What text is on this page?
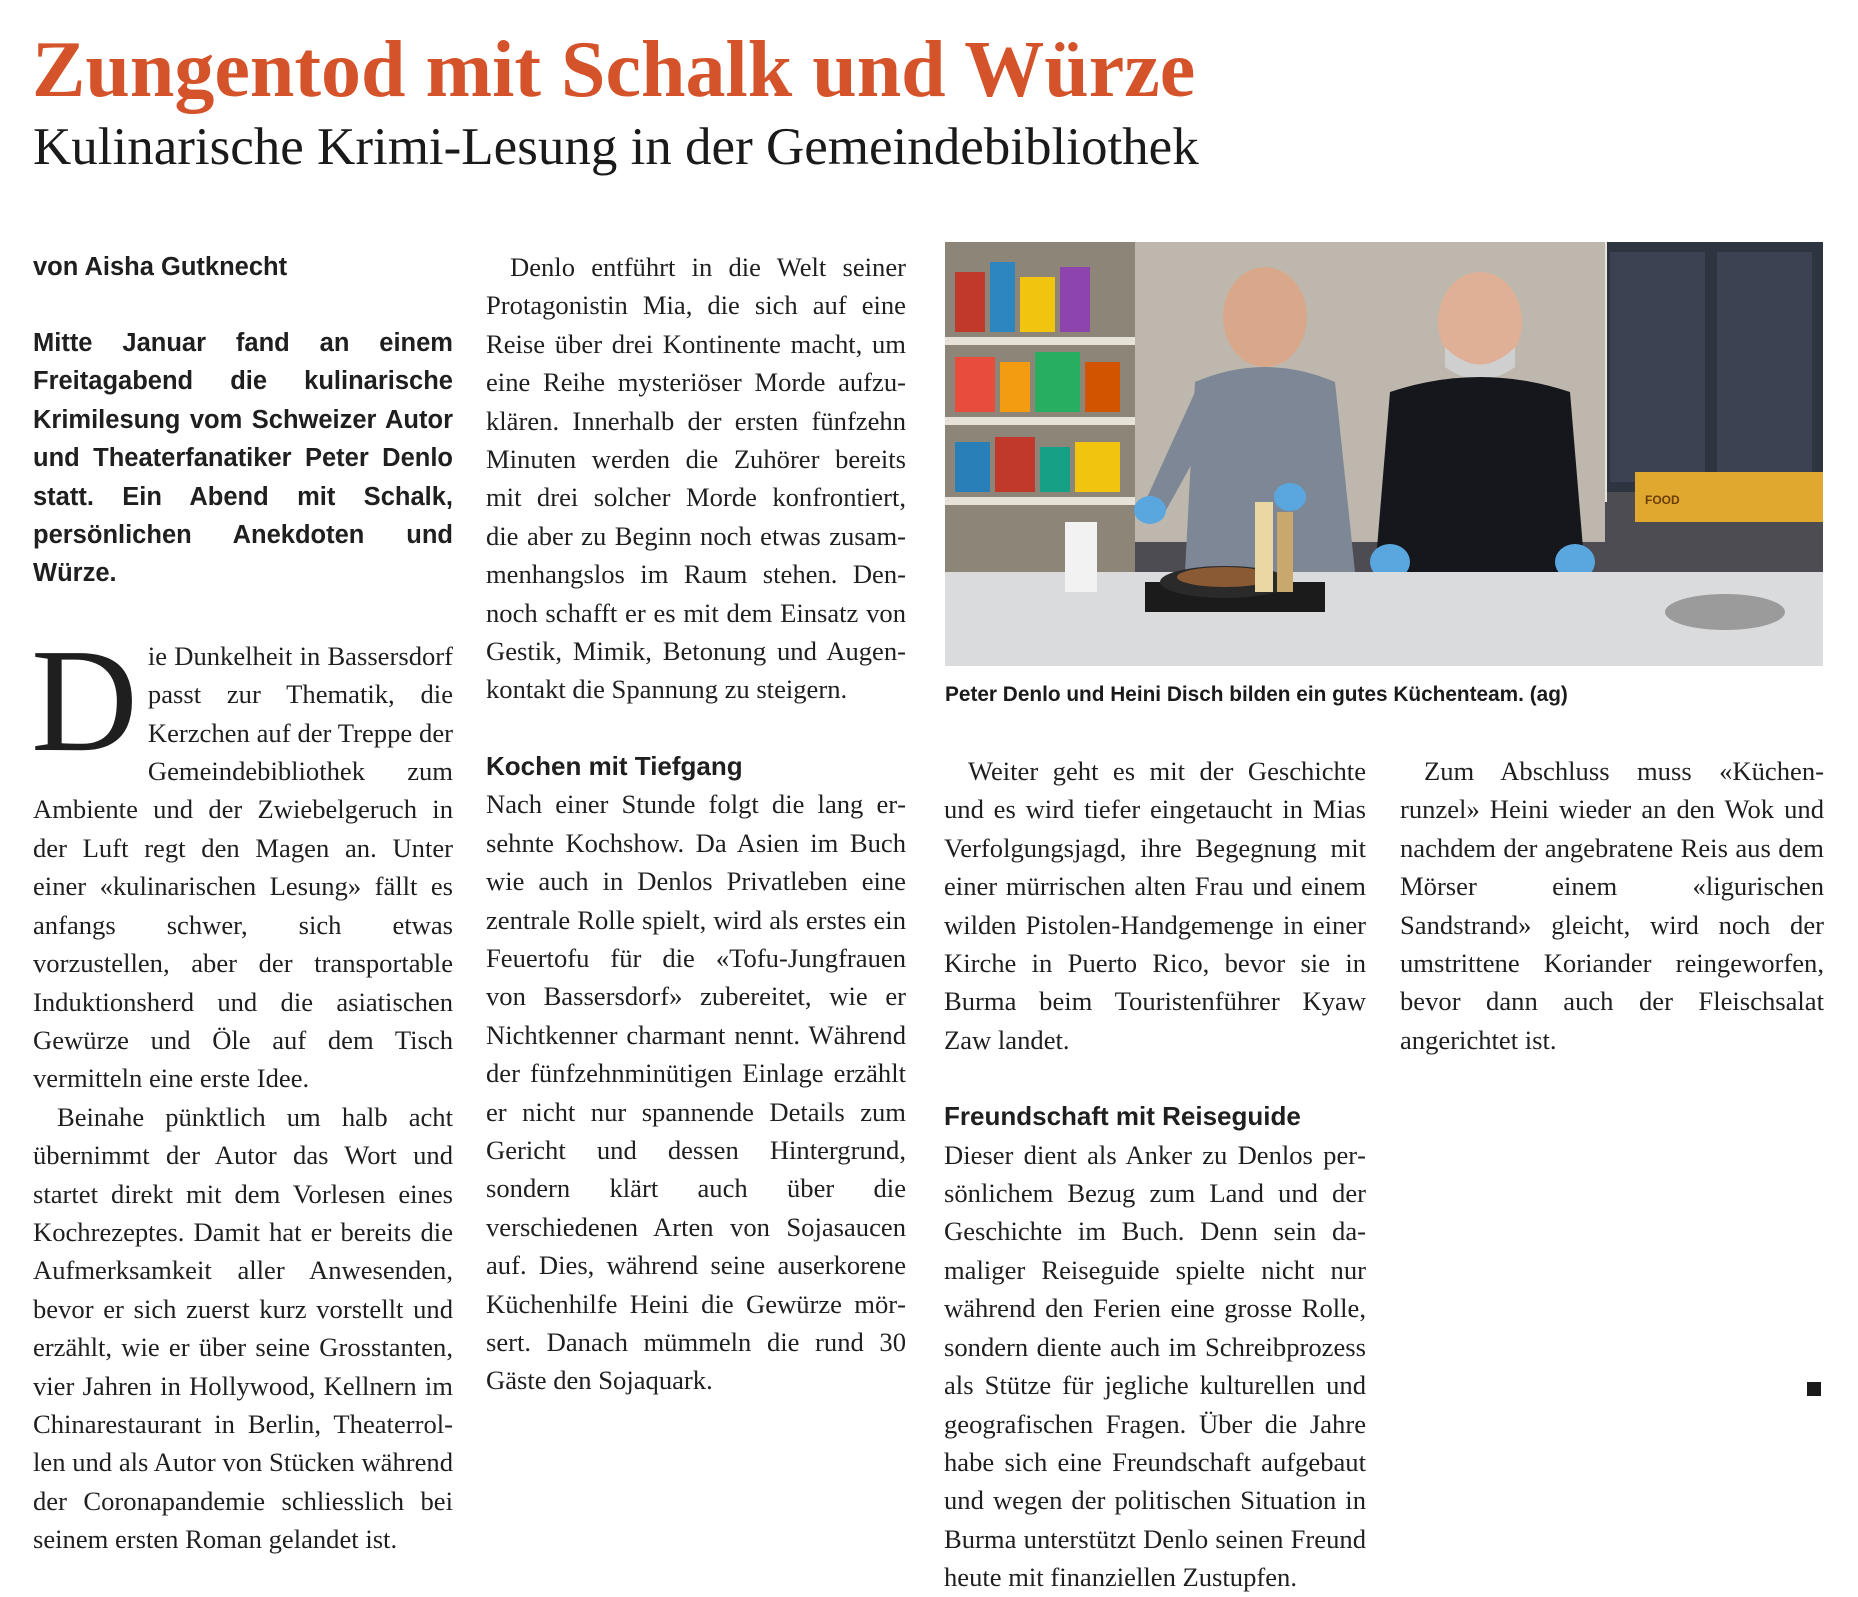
Zungentod mit Schalk und Würze
Kulinarische Krimi-Lesung in der Gemeindebibliothek

von Aisha Gutknecht

Mitte Januar fand an einem Freitagabend die kulinarische Krimilesung vom Schweizer Autor und Theaterfanatiker Peter Denlo statt. Ein Abend mit Schalk, persönlichen Anekdoten und Würze.

Die Dunkelheit in Bassersdorf passt zur Thematik, die Kerzchen auf der Treppe der Gemeindebibliothek zum Ambiente und der Zwiebelgeruch in der Luft regt den Magen an. Unter einer «kulinarischen Lesung» fällt es anfangs schwer, sich etwas vorzustellen, aber der transportable Induktionsherd und die asiatischen Gewürze und Öle auf dem Tisch vermitteln eine erste Idee.

Beinahe pünktlich um halb acht übernimmt der Autor das Wort und startet direkt mit dem Vorlesen eines Kochrezeptes. Damit hat er bereits die Aufmerksamkeit aller Anwesenden, bevor er sich zuerst kurz vorstellt und erzählt, wie er über seine Grosstanten, vier Jahren in Hollywood, Kellnern im Chinarestaurant in Berlin, Theaterrollen und als Autor von Stücken während der Coronapandemie schliesslich bei seinem ersten Roman gelandet ist.

Denlo entführt in die Welt seiner Protagonistin Mia, die sich auf eine Reise über drei Kontinente macht, um eine Reihe mysteriöser Morde aufzuklären. Innerhalb der ersten fünfzehn Minuten werden die Zuhörer bereits mit drei solcher Morde konfrontiert, die aber zu Beginn noch etwas zusammenhangslos im Raum stehen. Dennoch schafft er es mit dem Einsatz von Gestik, Mimik, Betonung und Augenkontakt die Spannung zu steigern.

Kochen mit Tiefgang

Nach einer Stunde folgt die lang ersehnte Kochshow. Da Asien im Buch wie auch in Denlos Privatleben eine zentrale Rolle spielt, wird als erstes ein Feuertofu für die «Tofu-Jungfrauen von Bassersdorf» zubereitet, wie er Nichtkenner charmant nennt. Während der fünfzehnminütigen Einlage erzählt er nicht nur spannende Details zum Gericht und dessen Hintergrund, sondern klärt auch über die verschiedenen Arten von Sojasaucen auf. Dies, während seine auserkorene Küchenhilfe Heini die Gewürze mörsert. Danach mümmeln die rund 30 Gäste den Sojaquark.

Weiter geht es mit der Geschichte und es wird tiefer eingetaucht in Mias Verfolgungsjagd, ihre Begegnung mit einer mürrischen alten Frau und einem wilden Pistolen-Handgemenge in einer Kirche in Puerto Rico, bevor sie in Burma beim Touristenführer Kyaw Zaw landet.

Freundschaft mit Reiseguide

Dieser dient als Anker zu Denlos persönlichem Bezug zum Land und der Geschichte im Buch. Denn sein damaliger Reiseguide spielte nicht nur während den Ferien eine grosse Rolle, sondern diente auch im Schreibprozess als Stütze für jegliche kulturellen und geografischen Fragen. Über die Jahre habe sich eine Freundschaft aufgebaut und wegen der politischen Situation in Burma unterstützt Denlo seinen Freund heute mit finanziellen Zustupfen.

Zum Abschluss muss «Küchenrunzel» Heini wieder an den Wok und nachdem der angebratene Reis aus dem Mörser einem «ligurischen Sandstrand» gleicht, wird noch der umstrittene Koriander reingeworfen, bevor dann auch der Fleischsalat angerichtet ist.

FOOD
Peter Denlo und Heini Disch bilden ein gutes Küchenteam. (ag)
